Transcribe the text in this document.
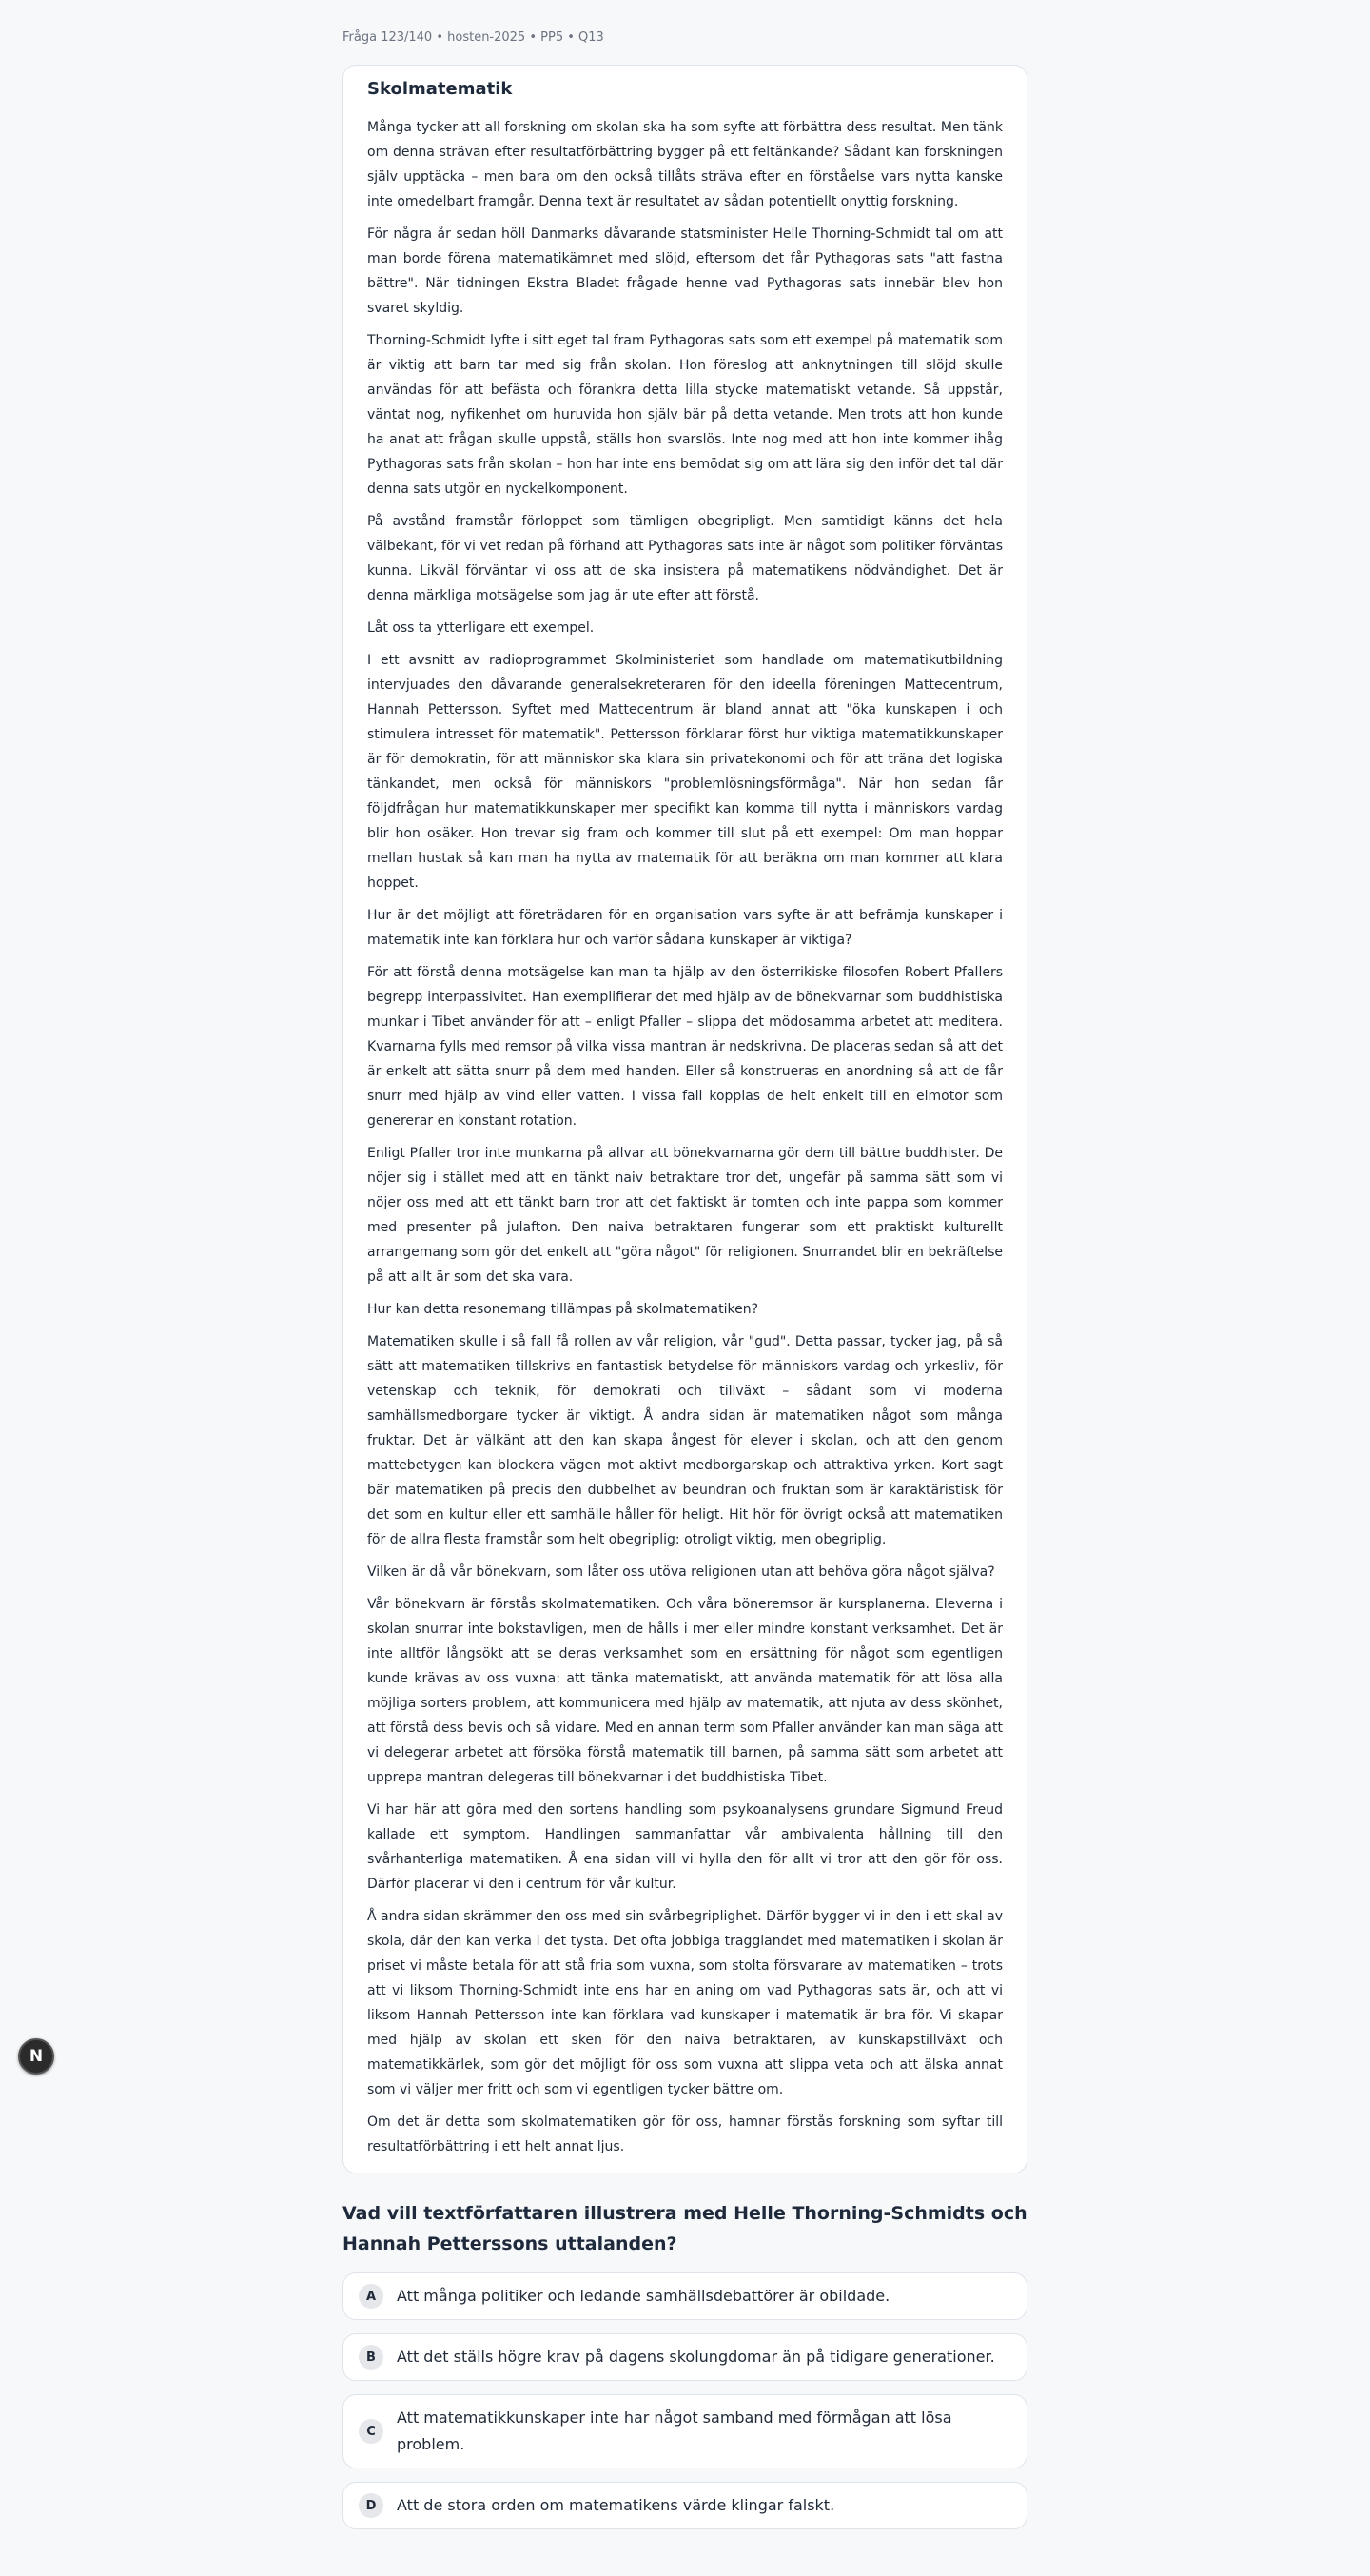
Fråga 123/140 • hosten-2025 • PP5 • Q13
Skolmatematik

Många tycker att all forskning om skolan ska ha som syfte att förbättra dess resultat. Men tänk om denna strävan efter resultatförbättring bygger på ett feltänkande? Sådant kan forskningen själv upptäcka – men bara om den också tillåts sträva efter en förståelse vars nytta kanske inte omedelbart framgår. Denna text är resultatet av sådan potentiellt onyttig forskning.

För några år sedan höll Danmarks dåvarande statsminister Helle Thorning-Schmidt tal om att man borde förena matematikämnet med slöjd, eftersom det får Pythagoras sats "att fastna bättre". När tidningen Ekstra Bladet frågade henne vad Pythagoras sats innebär blev hon svaret skyldig.

Thorning-Schmidt lyfte i sitt eget tal fram Pythagoras sats som ett exempel på matematik som är viktig att barn tar med sig från skolan. Hon föreslog att anknytningen till slöjd skulle användas för att befästa och förankra detta lilla stycke matematiskt vetande. Så uppstår, väntat nog, nyfikenhet om huruvida hon själv bär på detta vetande. Men trots att hon kunde ha anat att frågan skulle uppstå, ställs hon svarslös. Inte nog med att hon inte kommer ihåg Pythagoras sats från skolan – hon har inte ens bemödat sig om att lära sig den inför det tal där denna sats utgör en nyckelkomponent.

På avstånd framstår förloppet som tämligen obegripligt. Men samtidigt känns det hela välbekant, för vi vet redan på förhand att Pythagoras sats inte är något som politiker förväntas kunna. Likväl förväntar vi oss att de ska insistera på matematikens nödvändighet. Det är denna märkliga motsägelse som jag är ute efter att förstå.

Låt oss ta ytterligare ett exempel.

I ett avsnitt av radioprogrammet Skolministeriet som handlade om matematikutbildning intervjuades den dåvarande generalsekreteraren för den ideella föreningen Mattecentrum, Hannah Pettersson. Syftet med Mattecentrum är bland annat att "öka kunskapen i och stimulera intresset för matematik". Pettersson förklarar först hur viktiga matematikkunskaper är för demokratin, för att människor ska klara sin privatekonomi och för att träna det logiska tänkandet, men också för människors "problemlösningsförmåga". När hon sedan får följdfrågan hur matematikkunskaper mer specifikt kan komma till nytta i människors vardag blir hon osäker. Hon trevar sig fram och kommer till slut på ett exempel: Om man hoppar mellan hustak så kan man ha nytta av matematik för att beräkna om man kommer att klara hoppet.

Hur är det möjligt att företrädaren för en organisation vars syfte är att befrämja kunskaper i matematik inte kan förklara hur och varför sådana kunskaper är viktiga?

För att förstå denna motsägelse kan man ta hjälp av den österrikiske filosofen Robert Pfallers begrepp interpassivitet. Han exemplifierar det med hjälp av de bönekvarnar som buddhistiska munkar i Tibet använder för att – enligt Pfaller – slippa det mödosamma arbetet att meditera. Kvarnarna fylls med remsor på vilka vissa mantran är nedskrivna. De placeras sedan så att det är enkelt att sätta snurr på dem med handen. Eller så konstrueras en anordning så att de får snurr med hjälp av vind eller vatten. I vissa fall kopplas de helt enkelt till en elmotor som genererar en konstant rotation.

Enligt Pfaller tror inte munkarna på allvar att bönekvarnarna gör dem till bättre buddhister. De nöjer sig i stället med att en tänkt naiv betraktare tror det, ungefär på samma sätt som vi nöjer oss med att ett tänkt barn tror att det faktiskt är tomten och inte pappa som kommer med presenter på julafton. Den naiva betraktaren fungerar som ett praktiskt kulturellt arrangemang som gör det enkelt att "göra något" för religionen. Snurrandet blir en bekräftelse på att allt är som det ska vara.

Hur kan detta resonemang tillämpas på skolmatematiken?

Matematiken skulle i så fall få rollen av vår religion, vår "gud". Detta passar, tycker jag, på så sätt att matematiken tillskrivs en fantastisk betydelse för människors vardag och yrkesliv, för vetenskap och teknik, för demokrati och tillväxt – sådant som vi moderna samhällsmedborgare tycker är viktigt. Å andra sidan är matematiken något som många fruktar. Det är välkänt att den kan skapa ångest för elever i skolan, och att den genom mattebetygen kan blockera vägen mot aktivt medborgarskap och attraktiva yrken. Kort sagt bär matematiken på precis den dubbelhet av beundran och fruktan som är karaktäristisk för det som en kultur eller ett samhälle håller för heligt. Hit hör för övrigt också att matematiken för de allra flesta framstår som helt obegriplig: otroligt viktig, men obegriplig.

Vilken är då vår bönekvarn, som låter oss utöva religionen utan att behöva göra något själva?

Vår bönekvarn är förstås skolmatematiken. Och våra böneremsor är kursplanerna. Eleverna i skolan snurrar inte bokstavligen, men de hålls i mer eller mindre konstant verksamhet. Det är inte alltför långsökt att se deras verksamhet som en ersättning för något som egentligen kunde krävas av oss vuxna: att tänka matematiskt, att använda matematik för att lösa alla möjliga sorters problem, att kommunicera med hjälp av matematik, att njuta av dess skönhet, att förstå dess bevis och så vidare. Med en annan term som Pfaller använder kan man säga att vi delegerar arbetet att försöka förstå matematik till barnen, på samma sätt som arbetet att upprepa mantran delegeras till bönekvarnar i det buddhistiska Tibet.

Vi har här att göra med den sortens handling som psykoanalysens grundare Sigmund Freud kallade ett symptom. Handlingen sammanfattar vår ambivalenta hållning till den svårhanterliga matematiken. Å ena sidan vill vi hylla den för allt vi tror att den gör för oss. Därför placerar vi den i centrum för vår kultur.

Å andra sidan skrämmer den oss med sin svårbegriplighet. Därför bygger vi in den i ett skal av skola, där den kan verka i det tysta. Det ofta jobbiga tragglandet med matematiken i skolan är priset vi måste betala för att stå fria som vuxna, som stolta försvarare av matematiken – trots att vi liksom Thorning-Schmidt inte ens har en aning om vad Pythagoras sats är, och att vi liksom Hannah Pettersson inte kan förklara vad kunskaper i matematik är bra för. Vi skapar med hjälp av skolan ett sken för den naiva betraktaren, av kunskapstillväxt och matematikkärlek, som gör det möjligt för oss som vuxna att slippa veta och att älska annat som vi väljer mer fritt och som vi egentligen tycker bättre om.

Om det är detta som skolmatematiken gör för oss, hamnar förstås forskning som syftar till resultatförbättring i ett helt annat ljus.

Vad vill textförfattaren illustrera med Helle Thorning-Schmidts och Hannah Petterssons uttalanden?
A	Att många politiker och ledande samhällsdebattörer är obildade.
B	Att det ställs högre krav på dagens skolungdomar än på tidigare generationer.
C
Att matematikkunskaper inte har något samband med förmågan att lösa problem.
D	Att de stora orden om matematikens värde klingar falskt.
N
